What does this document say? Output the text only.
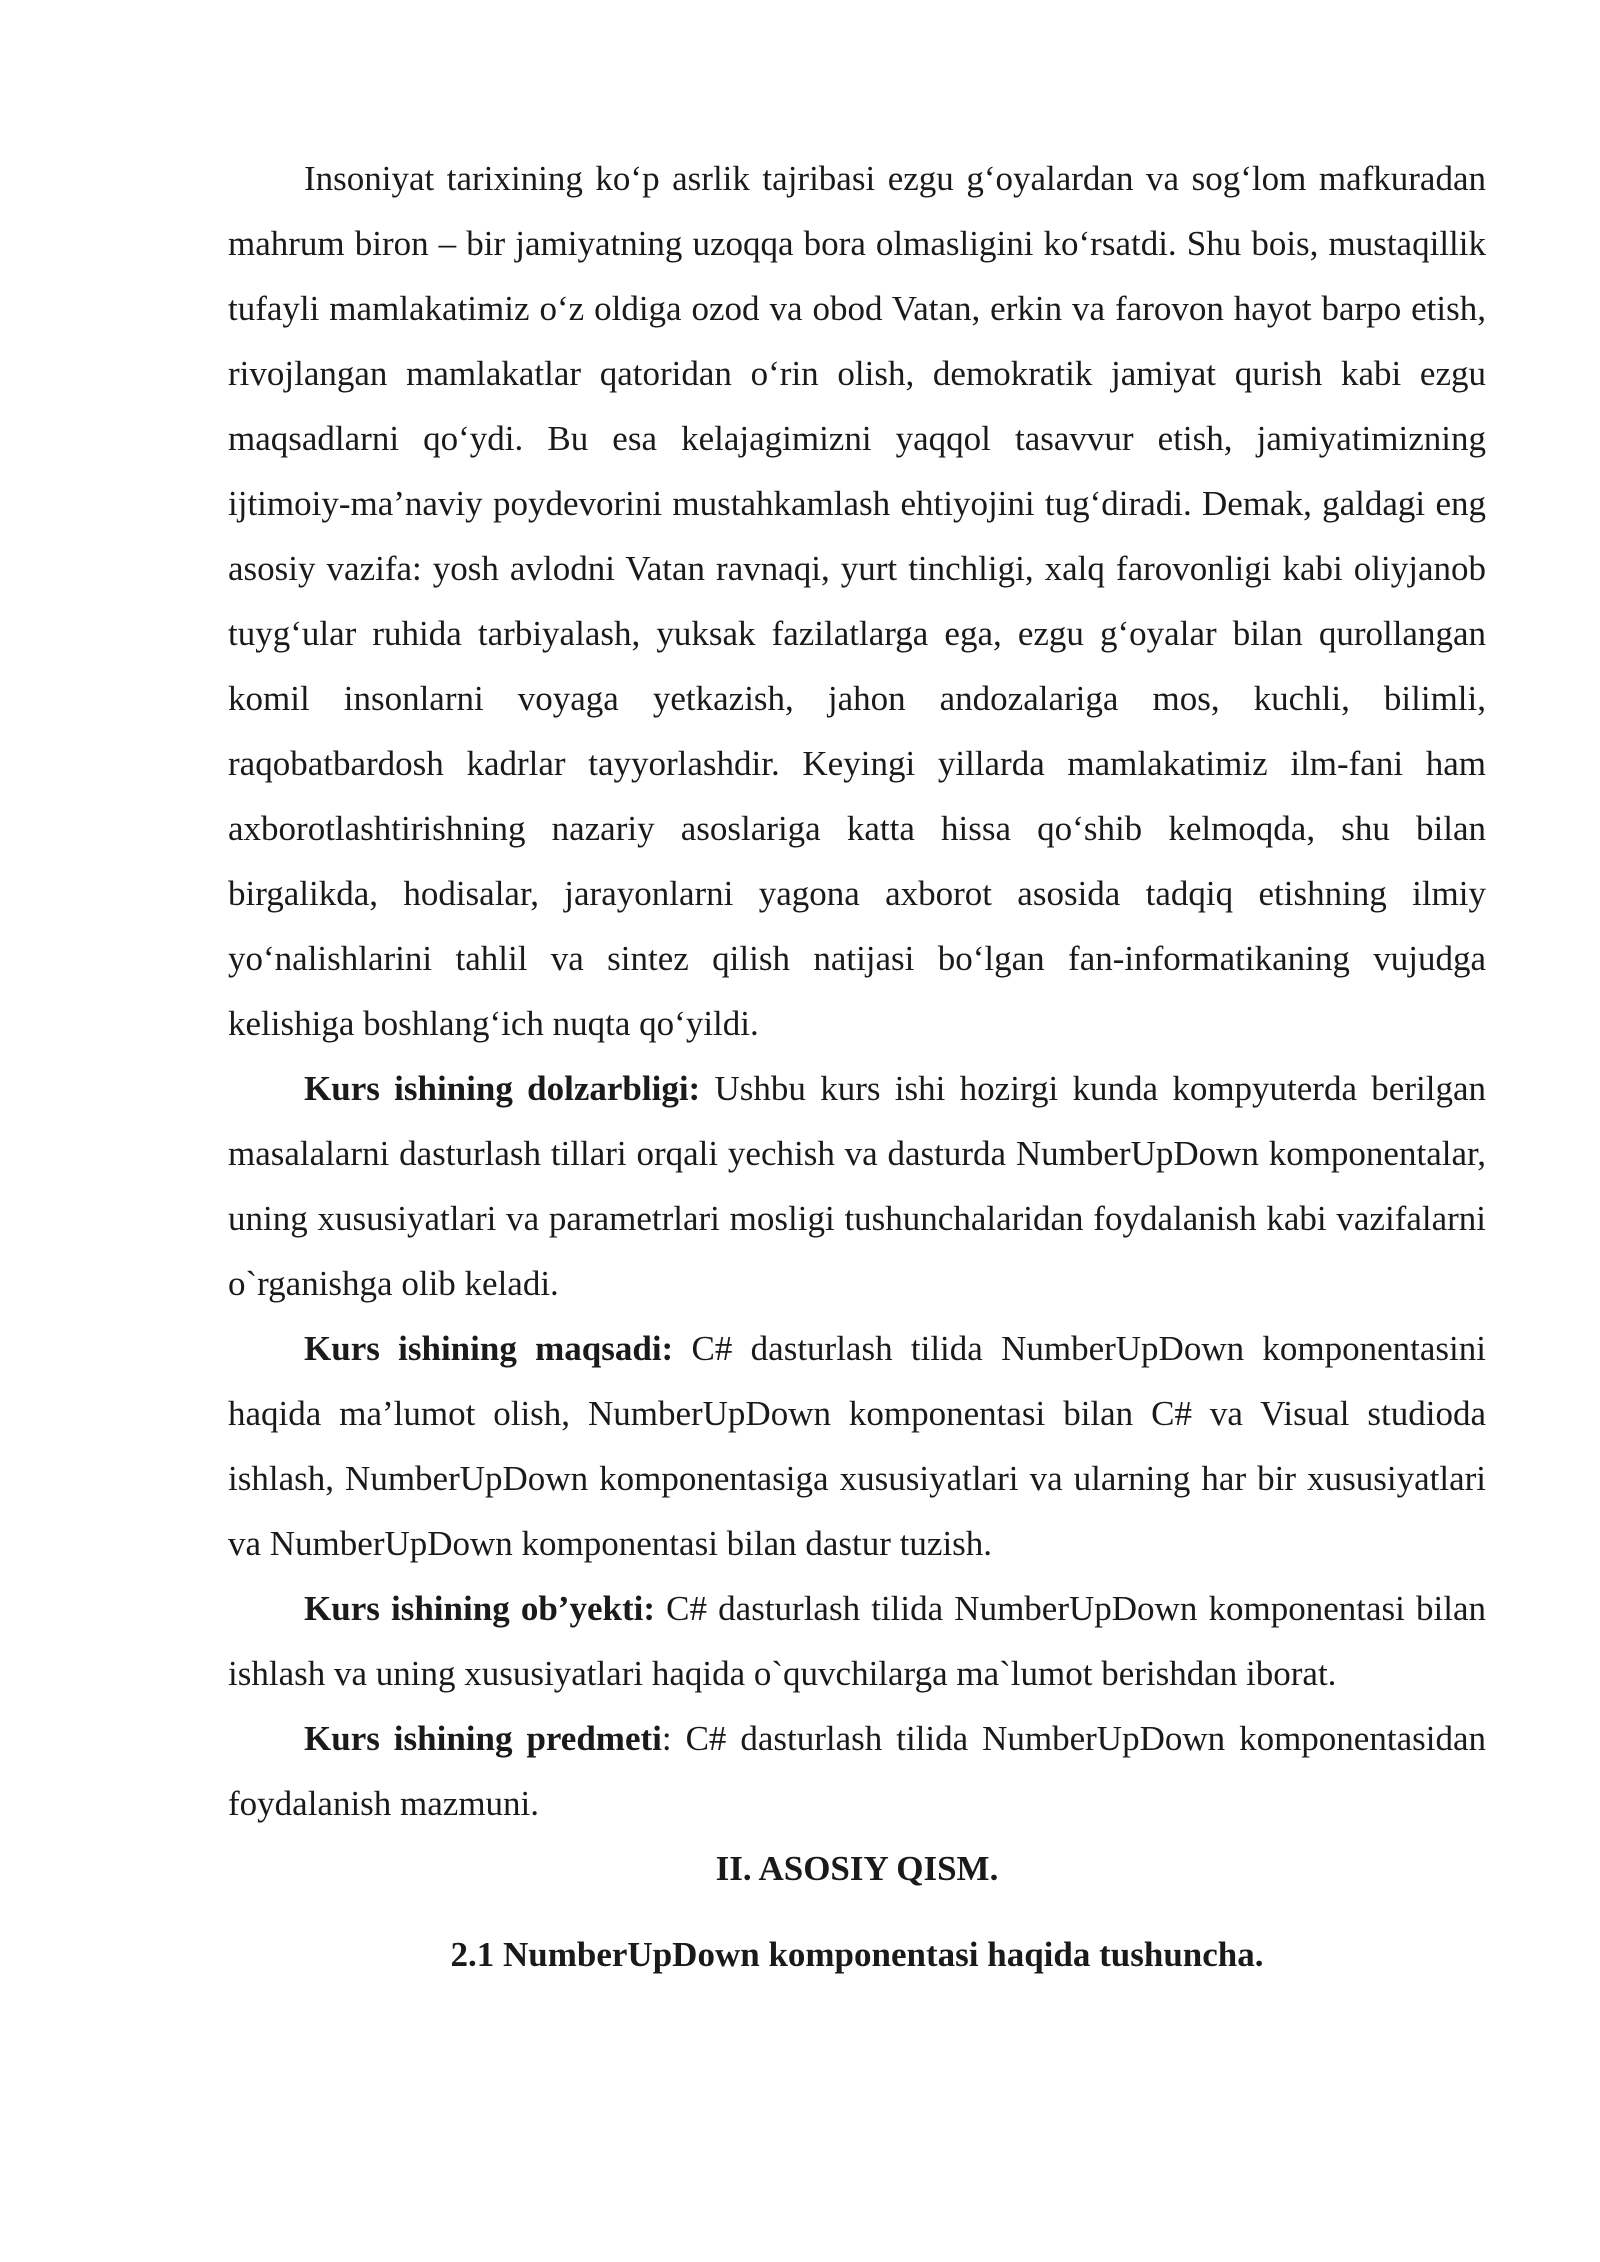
Insoniyat tarixining ko‘p asrlik tajribasi ezgu g‘oyalardan va sog‘lom mafkuradan mahrum biron – bir jamiyatning uzoqqa bora olmasligini ko‘rsatdi. Shu bois, mustaqillik tufayli mamlakatimiz o‘z oldiga ozod va obod Vatan, erkin va farovon hayot barpo etish, rivojlangan mamlakatlar qatoridan o‘rin olish, demokratik jamiyat qurish kabi ezgu maqsadlarni qo‘ydi. Bu esa kelajagimizni yaqqol tasavvur etish, jamiyatimizning ijtimoiy-ma’naviy poydevorini mustahkamlash ehtiyojini tug‘diradi. Demak, galdagi eng asosiy vazifa: yosh avlodni Vatan ravnaqi, yurt tinchligi, xalq farovonligi kabi oliyjanob tuyg‘ular ruhida tarbiyalash, yuksak fazilatlarga ega, ezgu g‘oyalar bilan qurollangan komil insonlarni voyaga yetkazish, jahon andozalariga mos, kuchli, bilimli, raqobatbardosh kadrlar tayyorlashdir. Keyingi yillarda mamlakatimiz ilm-fani ham axborotlashtirishning nazariy asoslariga katta hissa qo‘shib kelmoqda, shu bilan birgalikda, hodisalar, jarayonlarni yagona axborot asosida tadqiq etishning ilmiy yo‘nalishlarini tahlil va sintez qilish natijasi bo‘lgan fan-informatikaning vujudga kelishiga boshlang‘ich nuqta qo‘yildi.

Kurs ishining dolzarbligi: Ushbu kurs ishi hozirgi kunda kompyuterda berilgan masalalarni dasturlash tillari orqali yechish va dasturda NumberUpDown komponentalar, uning xususiyatlari va parametrlari mosligi tushunchalaridan foydalanish kabi vazifalarni o`rganishga olib keladi.

Kurs ishining maqsadi: C# dasturlash tilida NumberUpDown komponentasini haqida ma’lumot olish, NumberUpDown komponentasi bilan C# va Visual studioda ishlash, NumberUpDown komponentasiga xususiyatlari va ularning har bir xususiyatlari va NumberUpDown komponentasi bilan dastur tuzish.

Kurs ishining ob’yekti: C# dasturlash tilida NumberUpDown komponentasi bilan ishlash va uning xususiyatlari haqida o`quvchilarga ma`lumot berishdan iborat.

Kurs ishining predmeti: C# dasturlash tilida NumberUpDown komponentasidan foydalanish mazmuni.

II. ASOSIY QISM.
2.1 NumberUpDown komponentasi haqida tushuncha.
